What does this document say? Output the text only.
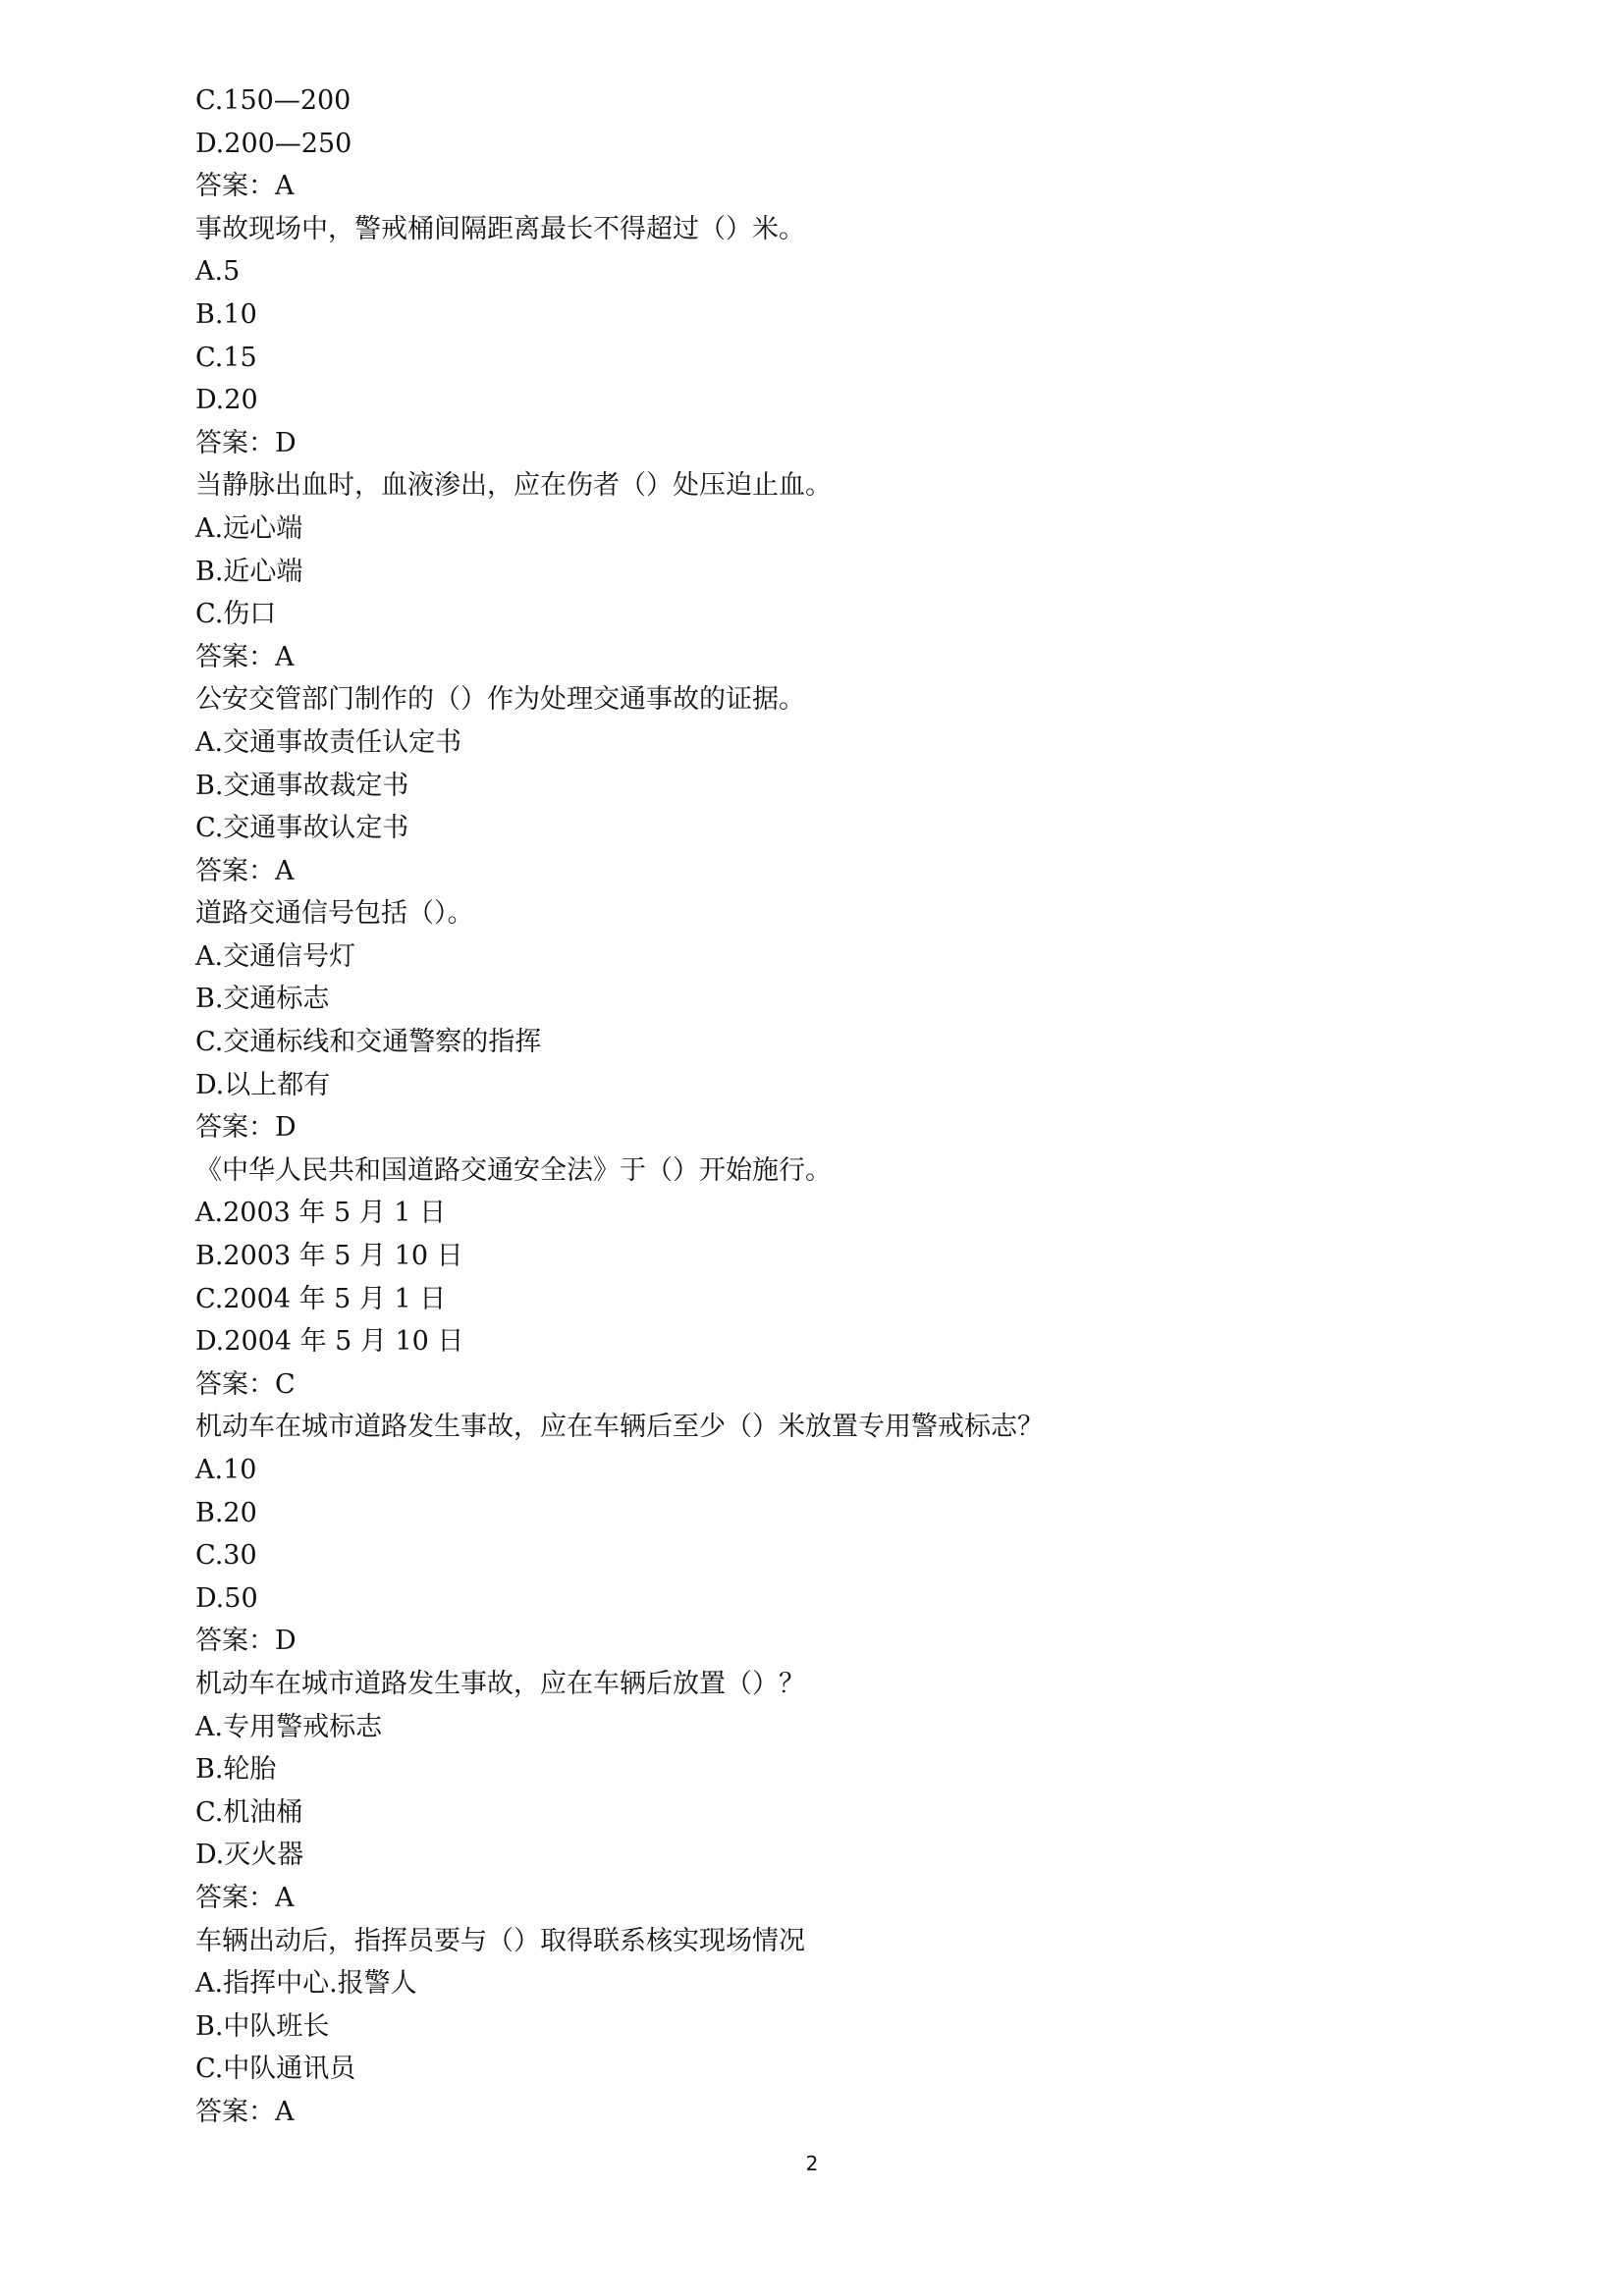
C.150—200
D.200—250
答案：A
事故现场中，警戒桶间隔距离最长不得超过（）米。
A.5
B.10
C.15
D.20
答案：D
当静脉出血时，血液渗出，应在伤者（）处压迫止血。
A.远心端
B.近心端
C.伤口
答案：A
公安交管部门制作的（）作为处理交通事故的证据。
A.交通事故责任认定书
B.交通事故裁定书
C.交通事故认定书
答案：A
道路交通信号包括（）。
A.交通信号灯
B.交通标志
C.交通标线和交通警察的指挥
D.以上都有
答案：D
《中华人民共和国道路交通安全法》于（）开始施行。
A.2003 年 5 月 1 日
B.2003 年 5 月 10 日
C.2004 年 5 月 1 日
D.2004 年 5 月 10 日
答案：C
机动车在城市道路发生事故，应在车辆后至少（）米放置专用警戒标志？
A.10
B.20
C.30
D.50
答案：D
机动车在城市道路发生事故，应在车辆后放置（）？
A.专用警戒标志
B.轮胎
C.机油桶
D.灭火器
答案：A
车辆出动后，指挥员要与（）取得联系核实现场情况
A.指挥中心.报警人
B.中队班长
C.中队通讯员
答案：A
2
